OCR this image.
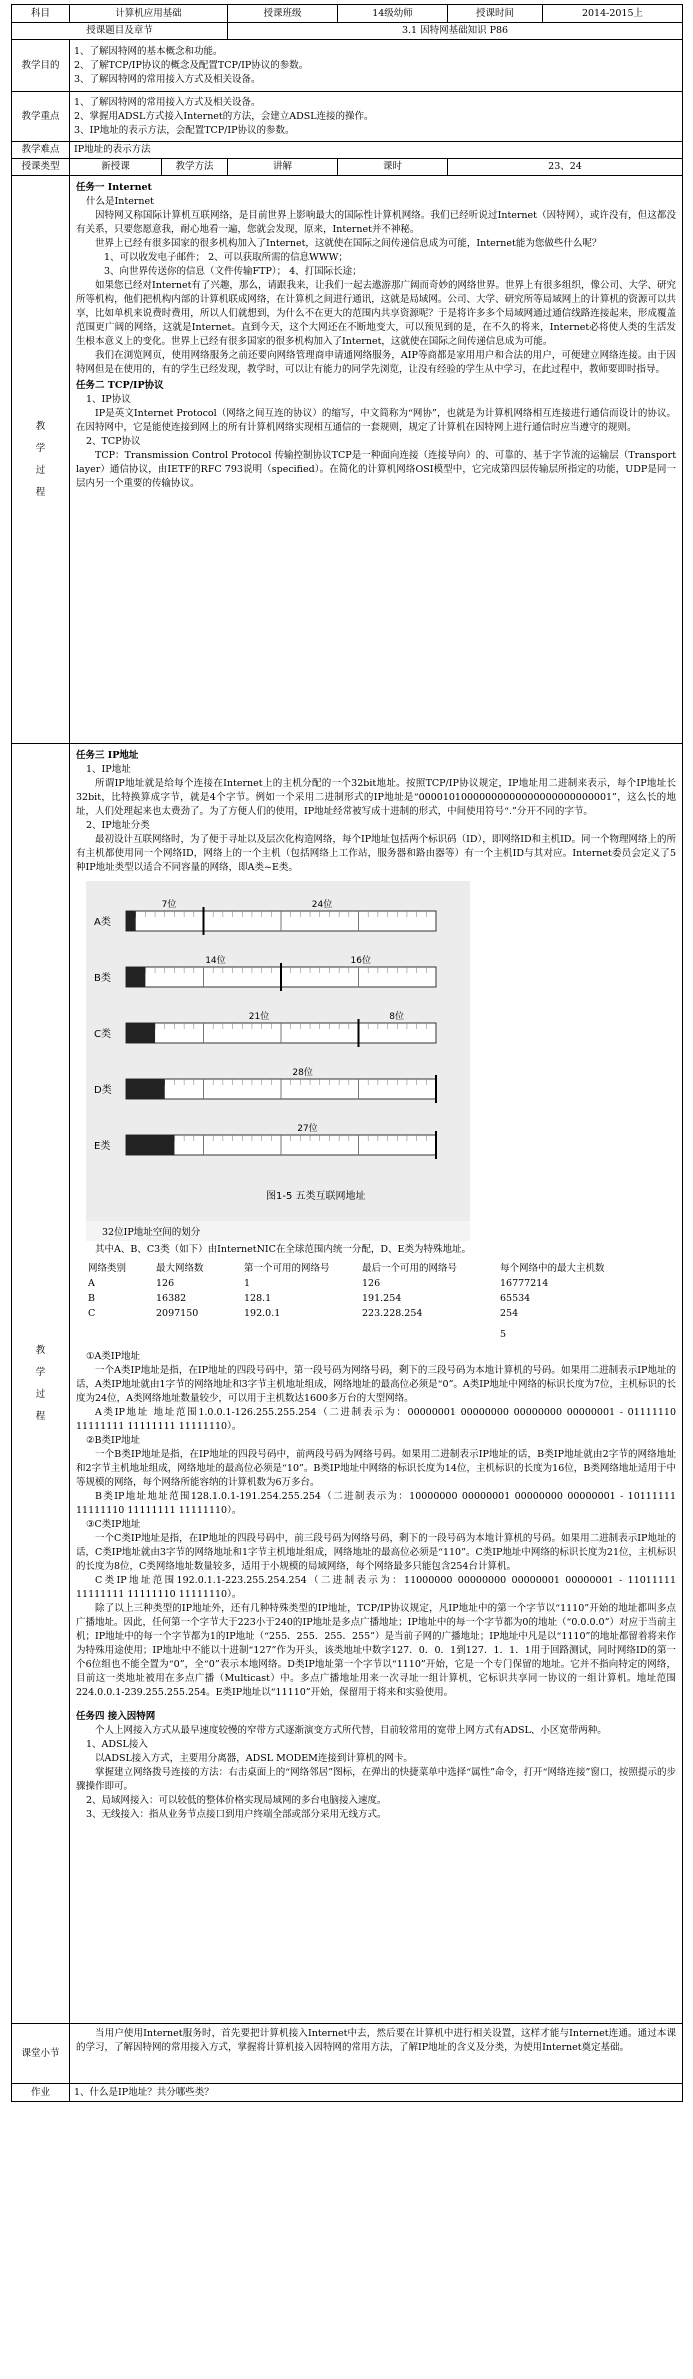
科目	计算机应用基础	授课班级	14级幼师	授课时间	2014-2015上
授课题目及章节	3.1 因特网基础知识 P86
教学目的	

1、了解因特网的基本概念和功能。

2、了解TCP/IP协议的概念及配置TCP/IP协议的参数。

3、了解因特网的常用接入方式及相关设备。

教学重点	

1、了解因特网的常用接入方式及相关设备。

2、掌握用ADSL方式接入Internet的方法，会建立ADSL连接的操作。

3、IP地址的表示方法，会配置TCP/IP协议的参数。

教学难点	IP地址的表示方法
授课类型	新授课	教学方法	讲解	课时	23、24

教
学
过
程

任务一 Internet

什么是Internet

因特网又称国际计算机互联网络，是目前世界上影响最大的国际性计算机网络。我们已经听说过Internet（因特网），或许没有，但这都没有关系，只要您愿意我，耐心地看一遍，您就会发现，原来，Internet并不神秘。

世界上已经有很多国家的很多机构加入了Internet，这就使在国际之间传递信息成为可能，Internet能为您做些什么呢？

1、可以收发电子邮件； 2、可以获取所需的信息WWW；

3、向世界传送你的信息（文件传输FTP）； 4、打国际长途；

如果您已经对Internet有了兴趣，那么，请跟我来，让我们一起去遨游那广阔而奇妙的网络世界。世界上有很多组织，像公司、大学、研究所等机构，他们把机构内部的计算机联成网络，在计算机之间进行通讯，这就是局域网。公司、大学、研究所等局域网上的计算机的资源可以共享，比如单机来说费时费用，所以人们就想到，为什么不在更大的范围内共享资源呢？于是将许多多个局域网通过通信线路连接起来，形成覆盖范围更广阔的网络，这就是Internet。直到今天，这个大网还在不断地变大，可以预见到的是，在不久的将来，Internet必将使人类的生活发生根本意义上的变化。世界上已经有很多国家的很多机构加入了Internet，这就使在国际之间传递信息成为可能。

我们在浏览网页，使用网络服务之前还要向网络管理商申请通网络服务，AIP等商都是家用用户和合法的用户，可便建立网络连接。由于因特网但是在使用的，有的学生已经发现，教学时，可以让有能力的同学先浏览，让没有经验的学生从中学习，在此过程中，教师要即时指导。

任务二 TCP/IP协议

1、IP协议

IP是英文Internet Protocol（网络之间互连的协议）的缩写，中文简称为“网协”，也就是为计算机网络相互连接进行通信而设计的协议。在因特网中，它是能使连接到网上的所有计算机网络实现相互通信的一套规则，规定了计算机在因特网上进行通信时应当遵守的规则。

2、TCP协议

TCP：Transmission Control Protocol 传输控制协议TCP是一种面向连接（连接导向）的、可靠的、基于字节流的运输层（Transport layer）通信协议，由IETF的RFC 793说明（specified）。在简化的计算机网络OSI模型中，它完成第四层传输层所指定的功能，UDP是同一层内另一个重要的传输协议。

教
学
过
程

任务三 IP地址

1、IP地址

所谓IP地址就是给每个连接在Internet上的主机分配的一个32bit地址。按照TCP/IP协议规定，IP地址用二进制来表示，每个IP地址长32bit，比特换算成字节，就是4个字节。例如一个采用二进制形式的IP地址是“00001010000000000000000000000001”，这么长的地址，人们处理起来也太费劲了。为了方便人们的使用，IP地址经常被写成十进制的形式，中间使用符号“.”分开不同的字节。

2、IP地址分类

最初设计互联网络时，为了便于寻址以及层次化构造网络，每个IP地址包括两个标识码（ID），即网络ID和主机ID。同一个物理网络上的所有主机都使用同一个网络ID，网络上的一个主机（包括网络上工作站，服务器和路由器等）有一个主机ID与其对应。Internet委员会定义了5种IP地址类型以适合不同容量的网络，即A类~E类。

A类
7位	24位
B类
14位	16位
C类
21位	8位
D类
28位
E类
27位
图1-5 五类互联网地址

32位IP地址空间的划分

其中A、B、C3类（如下）由InternetNIC在全球范围内统一分配，D、E类为特殊地址。

网络类别	最大网络数	第一个可用的网络号	最后一个可用的网络号	每个网络中的最大主机数
A	126	1	126	16777214
B	16382	128.1	191.254	65534
C	2097150	192.0.1	223.228.254	254
				5

①A类IP地址

一个A类IP地址是指，在IP地址的四段号码中，第一段号码为网络号码，剩下的三段号码为本地计算机的号码。如果用二进制表示IP地址的话，A类IP地址就由1字节的网络地址和3字节主机地址组成，网络地址的最高位必须是“0”。A类IP地址中网络的标识长度为7位，主机标识的长度为24位，A类网络地址数量较少，可以用于主机数达1600多万台的大型网络。

A类IP地址 地址范围1.0.0.1-126.255.255.254（二进制表示为：00000001 00000000 00000000 00000001 - 01111110 11111111 11111111 11111110）。

②B类IP地址

一个B类IP地址是指，在IP地址的四段号码中，前两段号码为网络号码。如果用二进制表示IP地址的话，B类IP地址就由2字节的网络地址和2字节主机地址组成，网络地址的最高位必须是“10”。B类IP地址中网络的标识长度为14位，主机标识的长度为16位，B类网络地址适用于中等规模的网络，每个网络所能容纳的计算机数为6万多台。

B类IP地址地址范围128.1.0.1-191.254.255.254（二进制表示为：10000000 00000001 00000000 00000001 - 10111111 11111110 11111111 11111110）。

③C类IP地址

一个C类IP地址是指，在IP地址的四段号码中，前三段号码为网络号码，剩下的一段号码为本地计算机的号码。如果用二进制表示IP地址的话，C类IP地址就由3字节的网络地址和1字节主机地址组成，网络地址的最高位必须是“110”。C类IP地址中网络的标识长度为21位，主机标识的长度为8位，C类网络地址数量较多，适用于小规模的局域网络，每个网络最多只能包含254台计算机。

C类IP地址范围192.0.1.1-223.255.254.254（二进制表示为：11000000 00000000 00000001 00000001 - 11011111 11111111 11111110 11111110）。

除了以上三种类型的IP地址外，还有几种特殊类型的IP地址，TCP/IP协议规定，凡IP地址中的第一个字节以“1110”开始的地址都叫多点广播地址。因此，任何第一个字节大于223小于240的IP地址是多点广播地址；IP地址中的每一个字节都为0的地址（“0.0.0.0”）对应于当前主机；IP地址中的每一个字节都为1的IP地址（“255．255．255．255”）是当前子网的广播地址；IP地址中凡是以“1110”的地址都留着将来作为特殊用途使用；IP地址中不能以十进制“127”作为开头，该类地址中数字127．0．0．1到127．1．1．1用于回路测试，同时网络ID的第一个6位组也不能全置为“0”，全“0”表示本地网络。D类IP地址第一个字节以“1110”开始，它是一个专门保留的地址。它并不指向特定的网络，目前这一类地址被用在多点广播（Multicast）中。多点广播地址用来一次寻址一组计算机，它标识共享同一协议的一组计算机。地址范围224.0.0.1-239.255.255.254。E类IP地址以“11110”开始，保留用于将来和实验使用。

任务四 接入因特网

个人上网接入方式从最早速度较慢的窄带方式逐渐演变方式所代替，目前较常用的宽带上网方式有ADSL、小区宽带两种。

1、ADSL接入

以ADSL接入方式，主要用分离器，ADSL MODEM连接到计算机的网卡。

掌握建立网络拨号连接的方法：右击桌面上的“网络邻居”图标，在弹出的快捷菜单中选择“属性”命令，打开“网络连接”窗口，按照提示的步骤操作即可。

2、局域网接入：可以较低的整体价格实现局域网的多台电脑接入速度。

3、无线接入：指从业务节点接口到用户终端全部或部分采用无线方式。

课堂小节	

当用户使用Internet服务时，首先要把计算机接入Internet中去，然后要在计算机中进行相关设置，这样才能与Internet连通。通过本课的学习，了解因特网的常用接入方式，掌握将计算机接入因特网的常用方法，了解IP地址的含义及分类，为使用Internet奠定基础。

作业	1、什么是IP地址？共分哪些类？
